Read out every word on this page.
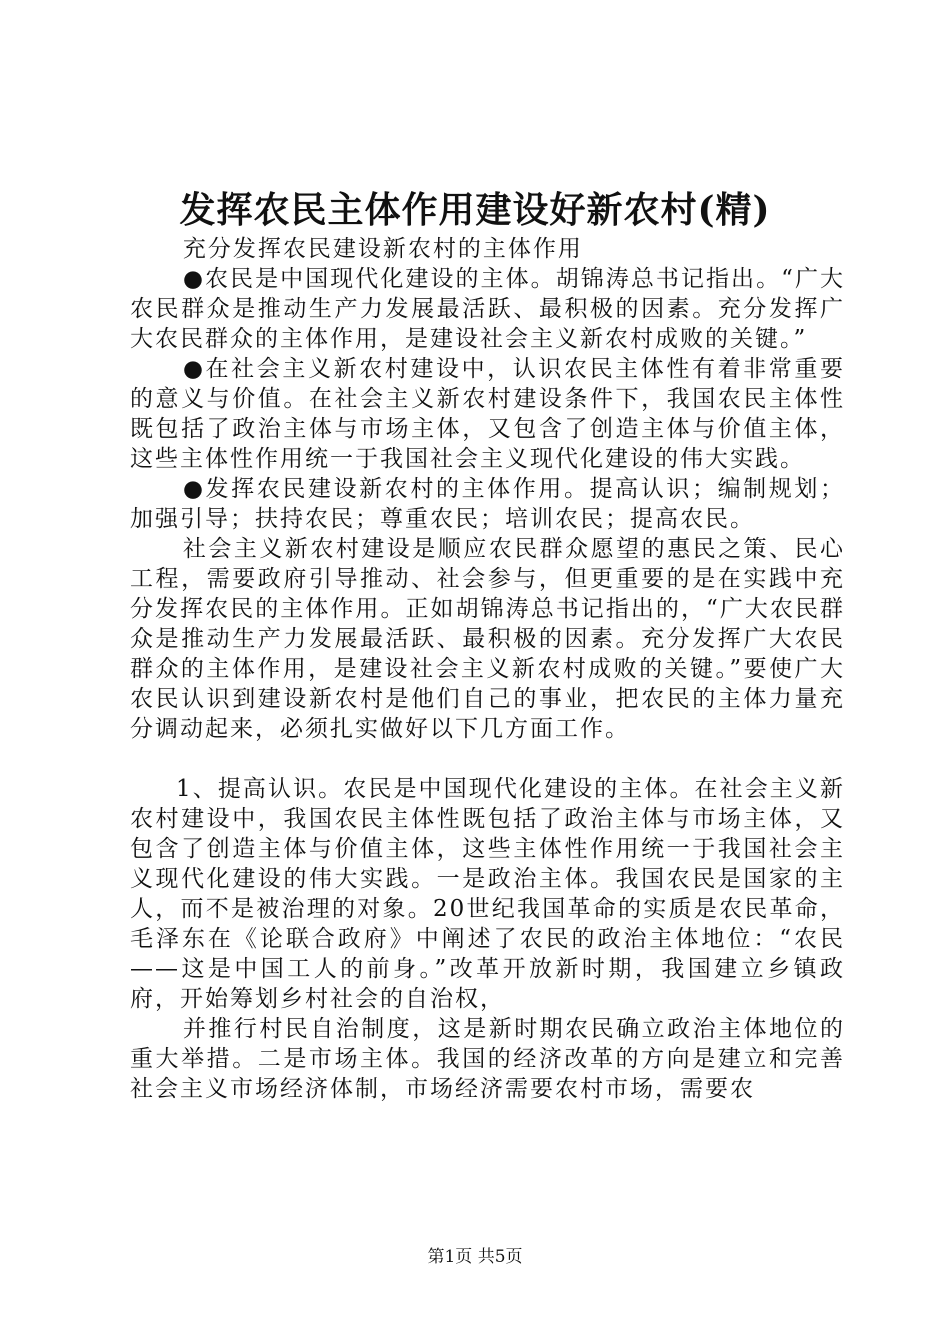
发挥农民主体作用建设好新农村(精)

充分发挥农民建设新农村的主体作用

●农民是中国现代化建设的主体。胡锦涛总书记指出。“广大农民群众是推动生产力发展最活跃、最积极的因素。充分发挥广大农民群众的主体作用，是建设社会主义新农村成败的关键。”

●在社会主义新农村建设中，认识农民主体性有着非常重要的意义与价值。在社会主义新农村建设条件下，我国农民主体性既包括了政治主体与市场主体，又包含了创造主体与价值主体，这些主体性作用统一于我国社会主义现代化建设的伟大实践。

●发挥农民建设新农村的主体作用。提高认识；编制规划；加强引导；扶持农民；尊重农民；培训农民；提高农民。

社会主义新农村建设是顺应农民群众愿望的惠民之策、民心工程，需要政府引导推动、社会参与，但更重要的是在实践中充分发挥农民的主体作用。正如胡锦涛总书记指出的，“广大农民群众是推动生产力发展最活跃、最积极的因素。充分发挥广大农民群众的主体作用，是建设社会主义新农村成败的关键。”要使广大农民认识到建设新农村是他们自己的事业，把农民的主体力量充分调动起来，必须扎实做好以下几方面工作。

1、提高认识。农民是中国现代化建设的主体。在社会主义新农村建设中，我国农民主体性既包括了政治主体与市场主体，又包含了创造主体与价值主体，这些主体性作用统一于我国社会主义现代化建设的伟大实践。一是政治主体。我国农民是国家的主人，而不是被治理的对象。20世纪我国革命的实质是农民革命，毛泽东在《论联合政府》中阐述了农民的政治主体地位：“农民——这是中国工人的前身。”改革开放新时期，我国建立乡镇政府，开始筹划乡村社会的自治权，

并推行村民自治制度，这是新时期农民确立政治主体地位的重大举措。二是市场主体。我国的经济改革的方向是建立和完善社会主义市场经济体制，市场经济需要农村市场，需要农

第1页 共5页
